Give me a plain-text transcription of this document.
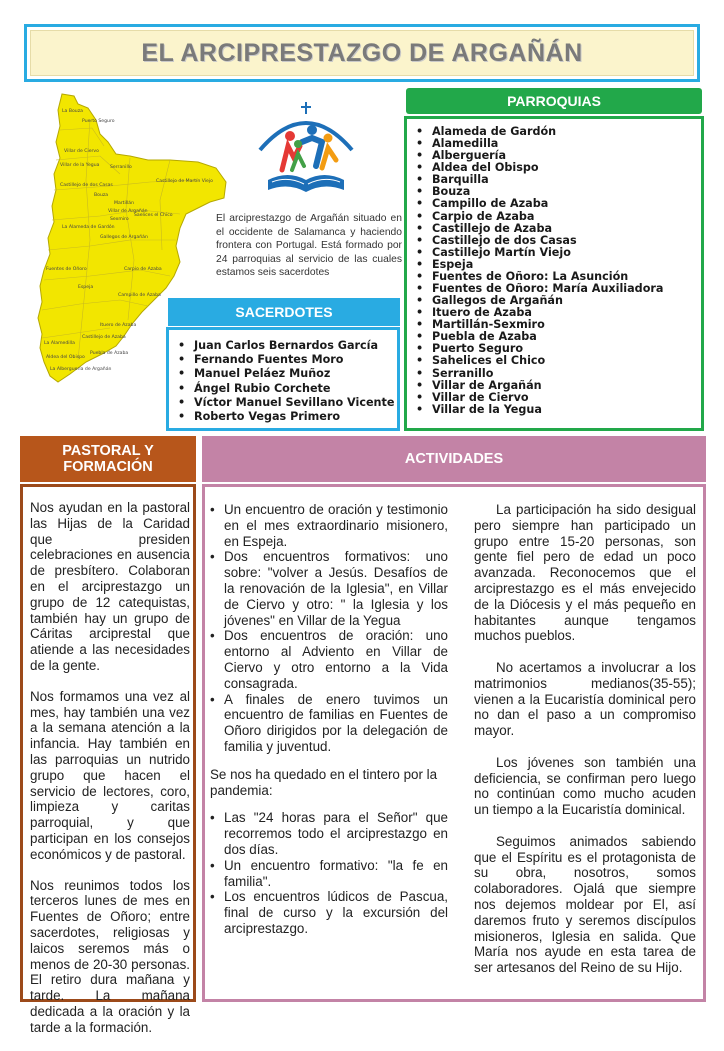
EL ARCIPRESTAZGO DE ARGAÑÁN
La Bouza
Puerto Seguro
Villar de Ciervo
Villar de la Yegua Serranillo
Castillejo de dos Casas
Bouza
Martillán
Villar de Argañán
Sexmiro
Castillejo de Martín Viejo
Saelices el Chico
La Alameda de Gardón
Gallegos de Argañán
Fuentes de Oñoro	Carpio de Azaba
Espeja
Campillo de Azaba
Ituero de Azaba
Castillejo de Azaba
La Alamedilla
Puebla de Azaba
Aldea del Obispo
La Alberguería de Argañán
El arciprestazgo de Argañán situado en el occidente de Salamanca y haciendo frontera con Portugal. Está formado por 24 parroquias al servicio de las cuales estamos seis sacerdotes
SACERDOTES
• Juan Carlos Bernardos García
• Fernando Fuentes Moro
• Manuel Peláez Muñoz
• Ángel Rubio Corchete
• Víctor Manuel Sevillano Vicente
• Roberto Vegas Primero
PARROQUIAS
• Alameda de Gardón
• Alamedilla
• Alberguería
• Aldea del Obispo
• Barquilla
• Bouza
• Campillo de Azaba
• Carpio de Azaba
• Castillejo de Azaba
• Castillejo de dos Casas
• Castillejo Martín Viejo
• Espeja
• Fuentes de Oñoro: La Asunción
• Fuentes de Oñoro: María Auxiliadora
• Gallegos de Argañán
• Ituero de Azaba
• Martillán-Sexmiro
• Puebla de Azaba
• Puerto Seguro
• Sahelices el Chico
• Serranillo
• Villar de Argañán
• Villar de Ciervo
• Villar de la Yegua
PASTORAL Y FORMACIÓN

Nos ayudan en la pastoral las Hijas de la Caridad que presiden celebraciones en ausencia de presbítero. Colaboran en el arciprestazgo un grupo de 12 catequistas, también hay un grupo de Cáritas arciprestal que atiende a las necesidades de la gente.

Nos formamos una vez al mes, hay también una vez a la semana atención a la infancia. Hay también en las parroquias un nutrido grupo que hacen el servicio de lectores, coro, limpieza y caritas parroquial, y que participan en los consejos económicos y de pastoral.

Nos reunimos todos los terceros lunes de mes en Fuentes de Oñoro; entre sacerdotes, religiosas y laicos seremos más o menos de 20-30 personas. El retiro dura mañana y tarde. La mañana dedicada a la oración y la tarde a la formación.

ACTIVIDADES
• Un encuentro de oración y testimonio en el mes extraordinario misionero, en Espeja.
• Dos encuentros formativos: uno sobre: "volver a Jesús. Desafíos de la renovación de la Iglesia", en Villar de Ciervo y otro: " la Iglesia y los jóvenes" en Villar de la Yegua
• Dos encuentros de oración: uno entorno al Adviento en Villar de Ciervo y otro entorno a la Vida consagrada.
• A finales de enero tuvimos un encuentro de familias en Fuentes de Oñoro dirigidos por la delegación de familia y juventud.

Se nos ha quedado en el tintero por la pandemia:

• Las "24 horas para el Señor" que recorremos todo el arciprestazgo en dos días.
• Un encuentro formativo: "la fe en familia".
• Los encuentros lúdicos de Pascua, final de curso y la excursión del arciprestazgo.

La participación ha sido desigual pero siempre han participado un grupo entre 15-20 personas, son gente fiel pero de edad un poco avanzada. Reconocemos que el arciprestazgo es el más envejecido de la Diócesis y el más pequeño en habitantes aunque tengamos muchos pueblos.

No acertamos a involucrar a los matrimonios medianos(35-55); vienen a la Eucaristía dominical pero no dan el paso a un compromiso mayor.

Los jóvenes son también una deficiencia, se confirman pero luego no continúan como mucho acuden un tiempo a la Eucaristía dominical.

Seguimos animados sabiendo que el Espíritu es el protagonista de su obra, nosotros, somos colaboradores. Ojalá que siempre nos dejemos moldear por El, así daremos fruto y seremos discípulos misioneros, Iglesia en salida. Que María nos ayude en esta tarea de ser artesanos del Reino de su Hijo.
